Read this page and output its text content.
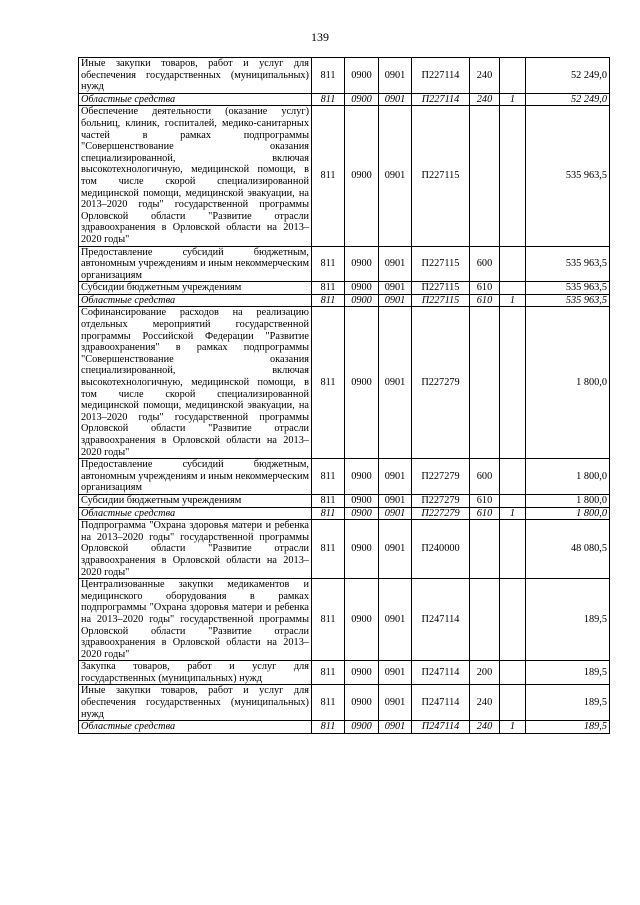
139
Иные закупки товаров, работ и услуг для обеспечения государственных (муниципальных) нужд	811	0900	0901	П227114	240		52 249,0
Областные средства	811	0900	0901	П227114	240	1	52 249,0
Обеспечение деятельности (оказание услуг) больниц, клиник, госпиталей, медико-санитарных частей в рамках подпрограммы "Совершенствование оказания специализированной, включая высокотехнологичную, медицинской помощи, в том числе скорой специализированной медицинской помощи, медицинской эвакуации, на 2013–2020 годы" государственной программы Орловской области "Развитие отрасли здравоохранения в Орловской области на 2013–2020 годы"	811	0900	0901	П227115			535 963,5
Предоставление субсидий бюджетным, автономным учреждениям и иным некоммерческим организациям	811	0900	0901	П227115	600		535 963,5
Субсидии бюджетным учреждениям	811	0900	0901	П227115	610		535 963,5
Областные средства	811	0900	0901	П227115	610	1	535 963,5
Софинансирование расходов на реализацию отдельных мероприятий государственной программы Российской Федерации "Развитие здравоохранения" в рамках подпрограммы "Совершенствование оказания специализированной, включая высокотехнологичную, медицинской помощи, в том числе скорой специализированной медицинской помощи, медицинской эвакуации, на 2013–2020 годы" государственной программы Орловской области "Развитие отрасли здравоохранения в Орловской области на 2013–2020 годы"	811	0900	0901	П227279			1 800,0
Предоставление субсидий бюджетным, автономным учреждениям и иным некоммерческим организациям	811	0900	0901	П227279	600		1 800,0
Субсидии бюджетным учреждениям	811	0900	0901	П227279	610		1 800,0
Областные средства	811	0900	0901	П227279	610	1	1 800,0
Подпрограмма "Охрана здоровья матери и ребенка на 2013–2020 годы" государственной программы Орловской области "Развитие отрасли здравоохранения в Орловской области на 2013–2020 годы"	811	0900	0901	П240000			48 080,5
Централизованные закупки медикаментов и медицинского оборудования в рамках подпрограммы "Охрана здоровья матери и ребенка на 2013–2020 годы" государственной программы Орловской области "Развитие отрасли здравоохранения в Орловской области на 2013–2020 годы"	811	0900	0901	П247114			189,5
Закупка товаров, работ и услуг для государственных (муниципальных) нужд	811	0900	0901	П247114	200		189,5
Иные закупки товаров, работ и услуг для обеспечения государственных (муниципальных) нужд	811	0900	0901	П247114	240		189,5
Областные средства	811	0900	0901	П247114	240	1	189,5
